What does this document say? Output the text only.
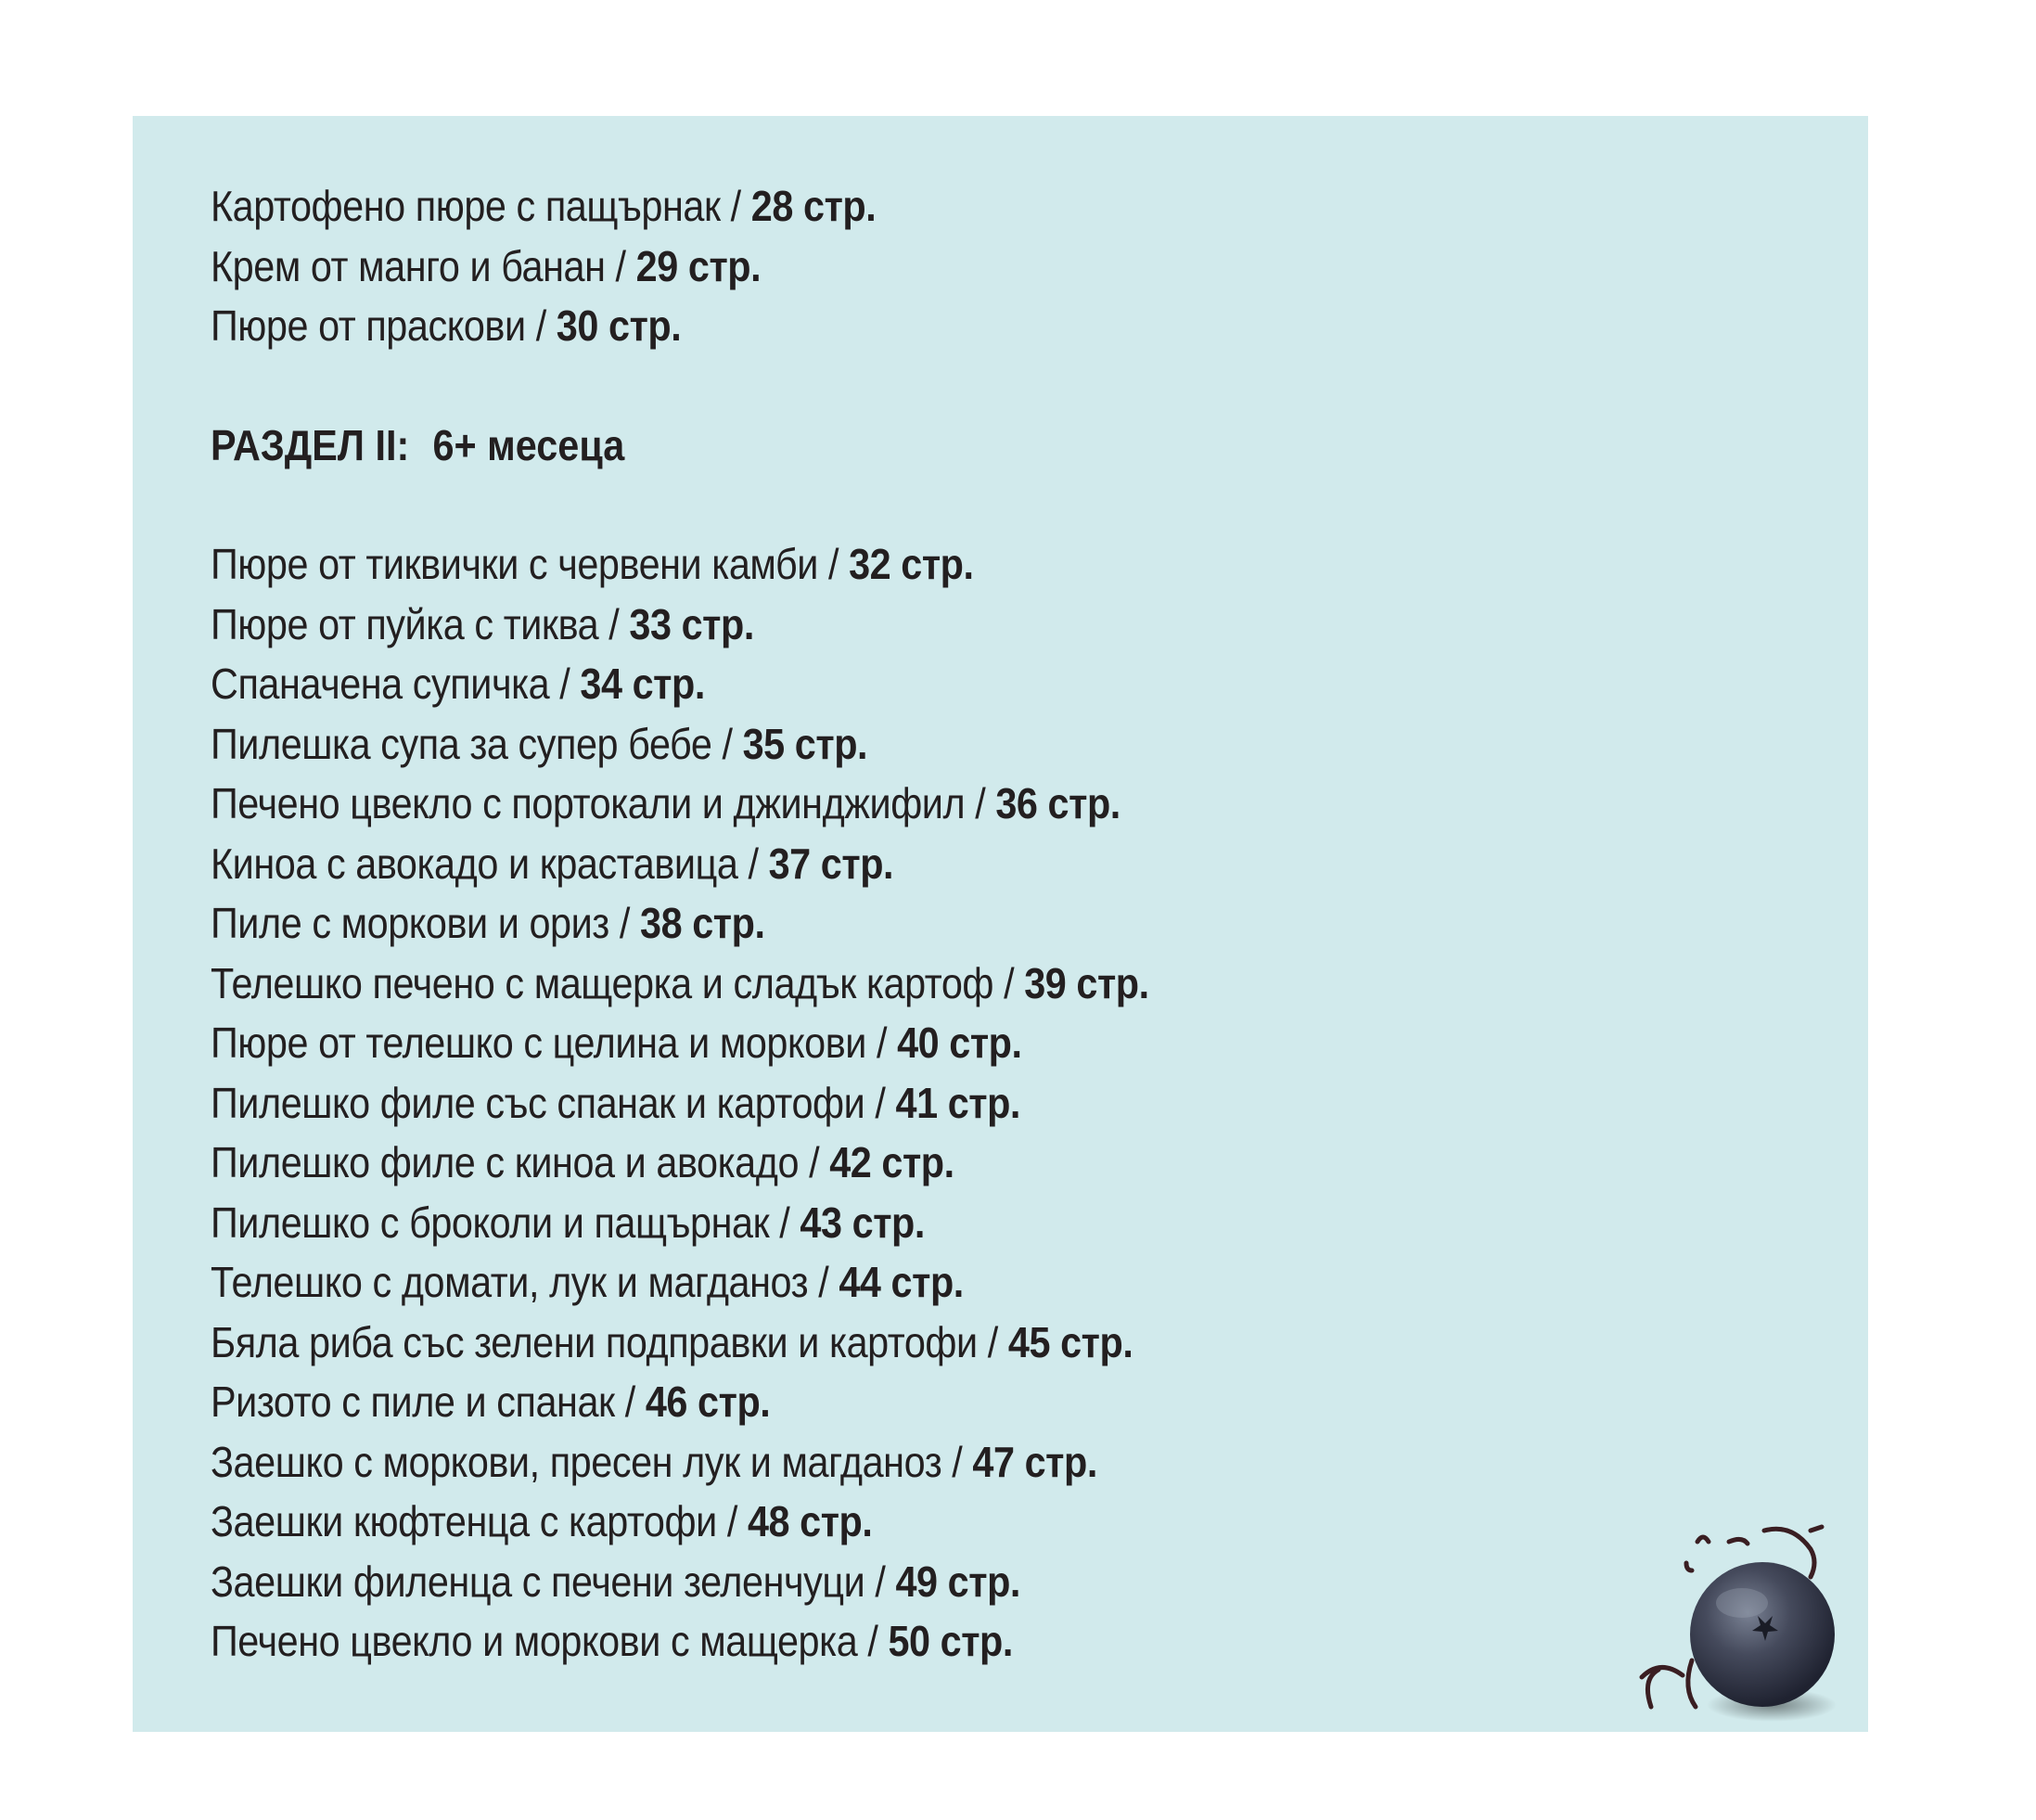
Картофено пюре с пащърнак / 28 стр.
Крем от манго и банан / 29 стр.
Пюре от праскови / 30 стр.
РАЗДЕЛ II: 6+ месеца
Пюре от тиквички с червени камби / 32 стр.
Пюре от пуйка с тиква / 33 стр.
Спаначена супичка / 34 стр.
Пилешка супа за супер бебе / 35 стр.
Печено цвекло с портокали и джинджифил / 36 стр.
Киноа с авокадо и краставица / 37 стр.
Пиле с моркови и ориз / 38 стр.
Телешко печено с мащерка и сладък картоф / 39 стр.
Пюре от телешко с целина и моркови / 40 стр.
Пилешко филе със спанак и картофи / 41 стр.
Пилешко филе с киноа и авокадо / 42 стр.
Пилешко с броколи и пащърнак / 43 стр.
Телешко с домати, лук и магданоз / 44 стр.
Бяла риба със зелени подправки и картофи / 45 стр.
Ризото с пиле и спанак / 46 стр.
Заешко с моркови, пресен лук и магданоз / 47 стр.
Заешки кюфтенца с картофи / 48 стр.
Заешки филенца с печени зеленчуци / 49 стр.
Печено цвекло и моркови с мащерка / 50 стр.
